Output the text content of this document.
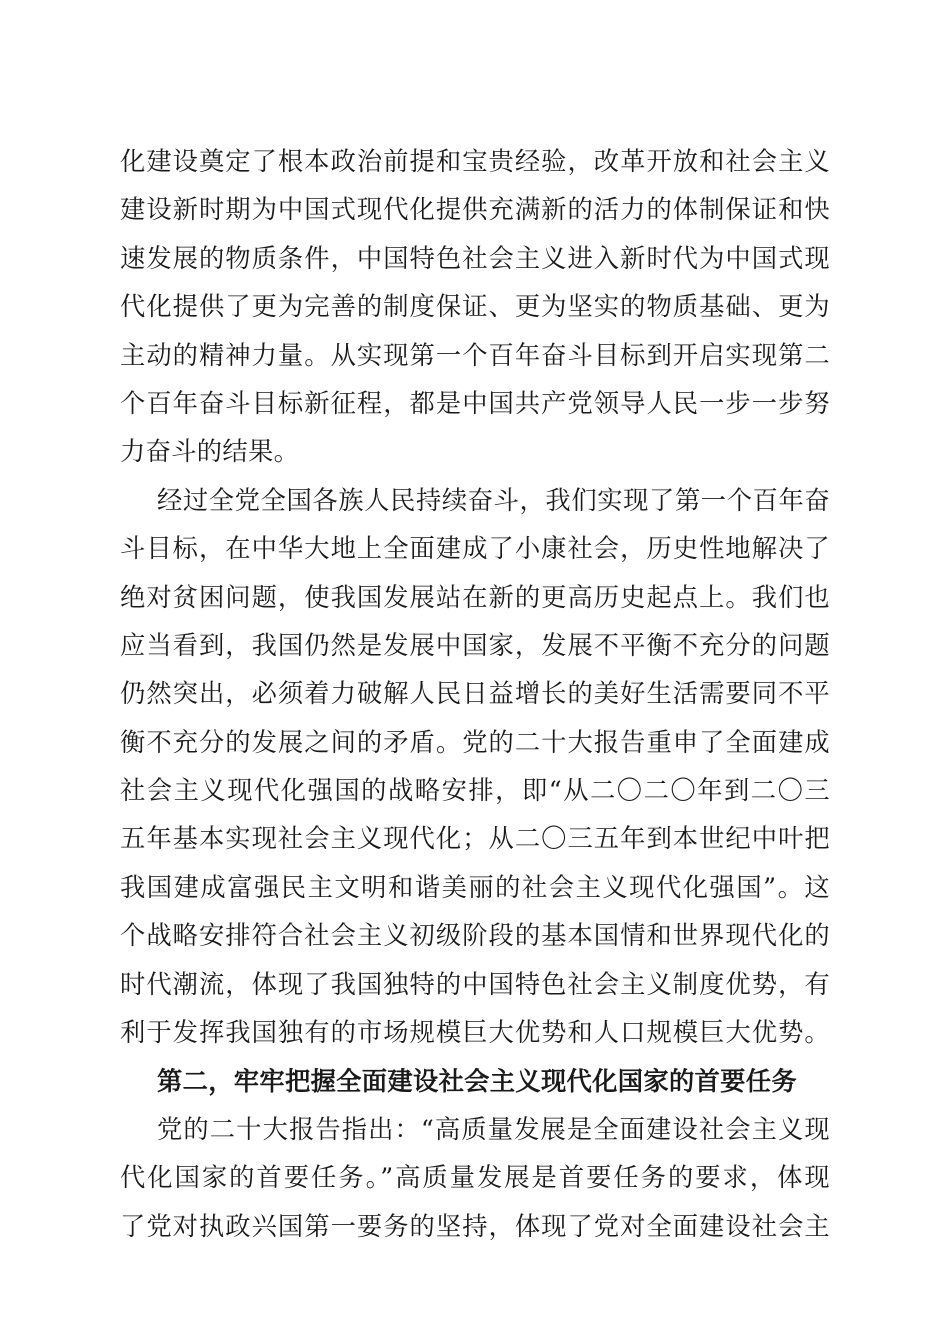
化建设奠定了根本政治前提和宝贵经验，改革开放和社会主义
建设新时期为中国式现代化提供充满新的活力的体制保证和快
速发展的物质条件，中国特色社会主义进入新时代为中国式现
代化提供了更为完善的制度保证、更为坚实的物质基础、更为
主动的精神力量。从实现第一个百年奋斗目标到开启实现第二
个百年奋斗目标新征程，都是中国共产党领导人民一步一步努
力奋斗的结果。
经过全党全国各族人民持续奋斗，我们实现了第一个百年奋
斗目标，在中华大地上全面建成了小康社会，历史性地解决了
绝对贫困问题，使我国发展站在新的更高历史起点上。我们也
应当看到，我国仍然是发展中国家，发展不平衡不充分的问题
仍然突出，必须着力破解人民日益增长的美好生活需要同不平
衡不充分的发展之间的矛盾。党的二十大报告重申了全面建成
社会主义现代化强国的战略安排，即“从二〇二〇年到二〇三
五年基本实现社会主义现代化；从二〇三五年到本世纪中叶把
我国建成富强民主文明和谐美丽的社会主义现代化强国”。这
个战略安排符合社会主义初级阶段的基本国情和世界现代化的
时代潮流，体现了我国独特的中国特色社会主义制度优势，有
利于发挥我国独有的市场规模巨大优势和人口规模巨大优势。
第二，牢牢把握全面建设社会主义现代化国家的首要任务
党的二十大报告指出：“高质量发展是全面建设社会主义现
代化国家的首要任务。”高质量发展是首要任务的要求，体现
了党对执政兴国第一要务的坚持，体现了党对全面建设社会主
